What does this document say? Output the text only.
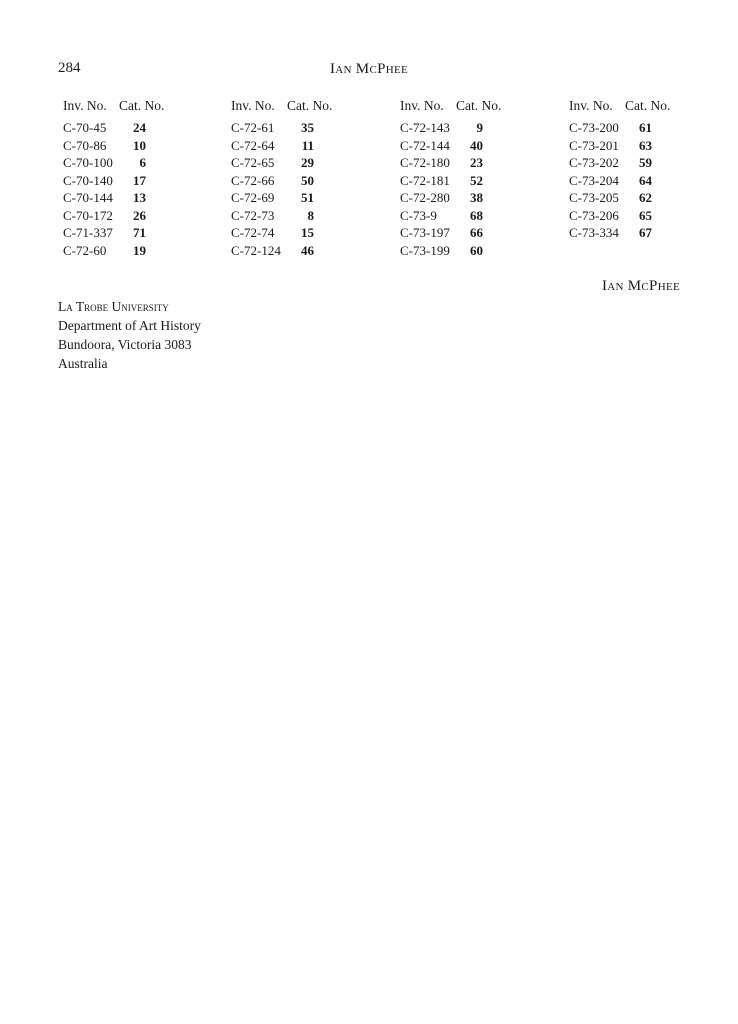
284	Ian McPhee
Inv. No. Cat. No.
C-70-45	24
C-70-86	10
C-70-100	6
C-70-140	17
C-70-144	13
C-70-172	26
C-71-337	71
C-72-60	19
Inv. No. Cat. No.
C-72-61	35
C-72-64	11
C-72-65	29
C-72-66	50
C-72-69	51
C-72-73	8
C-72-74	15
C-72-124	46
Inv. No. Cat. No.
C-72-143	9
C-72-144	40
C-72-180	23
C-72-181	52
C-72-280	38
C-73-9	68
C-73-197	66
C-73-199	60
Inv. No. Cat. No.
C-73-200	61
C-73-201	63
C-73-202	59
C-73-204	64
C-73-205	62
C-73-206	65
C-73-334	67
Ian McPhee
La Trobe University
Department of Art History
Bundoora, Victoria 3083
Australia
